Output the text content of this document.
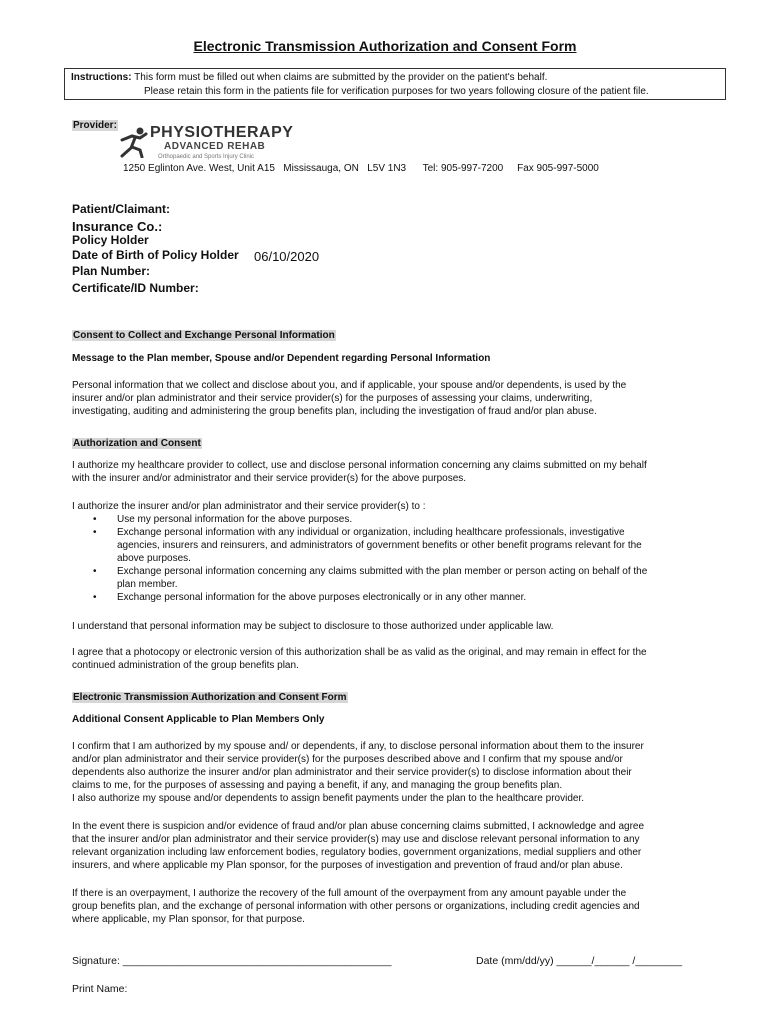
Electronic Transmission Authorization and Consent Form
Instructions: This form must be filled out when claims are submitted by the provider on the patient's behalf.
Please retain this form in the patients file for verification purposes for two years following closure of the patient file.
Provider: PHYSIOTHERAPY
ADVANCED REHAB
Orthopaedic and Sports Injury Clinic
1250 Eglinton Ave. West, Unit A15   Mississauga, ON   L5V 1N3      Tel: 905-997-7200     Fax 905-997-5000
Patient/Claimant:
Insurance Co.:
Policy Holder
Date of Birth of Policy Holder	06/10/2020
Plan Number:
Certificate/ID Number:
Consent to Collect and Exchange Personal Information
Message to the Plan member, Spouse and/or Dependent regarding Personal Information
Personal information that we collect and disclose about you, and if applicable, your spouse and/or dependents, is used by the
insurer and/or plan administrator and their service provider(s) for the purposes of assessing your claims, underwriting,
investigating, auditing and administering the group benefits plan, including the investigation of fraud and/or plan abuse.
Authorization and Consent
I authorize my healthcare provider to collect, use and disclose personal information concerning any claims submitted on my behalf
with the insurer and/or administrator and their service provider(s) for the above purposes.
I authorize the insurer and/or plan administrator and their service provider(s) to :
• Use my personal information for the above purposes.
• Exchange personal information with any individual or organization, including healthcare professionals, investigative
agencies, insurers and reinsurers, and administrators of government benefits or other benefit programs relevant for the
above purposes.
• Exchange personal information concerning any claims submitted with the plan member or person acting on behalf of the
plan member.
• Exchange personal information for the above purposes electronically or in any other manner.
I understand that personal information may be subject to disclosure to those authorized under applicable law.
I agree that a photocopy or electronic version of this authorization shall be as valid as the original, and may remain in effect for the
continued administration of the group benefits plan.
Electronic Transmission Authorization and Consent Form
Additional Consent Applicable to Plan Members Only
I confirm that I am authorized by my spouse and/ or dependents, if any, to disclose personal information about them to the insurer
and/or plan administrator and their service provider(s) for the purposes described above and I confirm that my spouse and/or
dependents also authorize the insurer and/or plan administrator and their service provider(s) to disclose information about their
claims to me, for the purposes of assessing and paying a benefit, if any, and managing the group benefits plan.
I also authorize my spouse and/or dependents to assign benefit payments under the plan to the healthcare provider.
In the event there is suspicion and/or evidence of fraud and/or plan abuse concerning claims submitted, I acknowledge and agree
that the insurer and/or plan administrator and their service provider(s) may use and disclose relevant personal information to any
relevant organization including law enforcement bodies, regulatory bodies, government organizations, medial suppliers and other
insurers, and where applicable my Plan sponsor, for the purposes of investigation and prevention of fraud and/or plan abuse.
If there is an overpayment, I authorize the recovery of the full amount of the overpayment from any amount payable under the
group benefits plan, and the exchange of personal information with other persons or organizations, including credit agencies and
where applicable, my Plan sponsor, for that purpose.
Signature: ______________________________________________	Date (mm/dd/yy) ______/______ /________
Print Name:
